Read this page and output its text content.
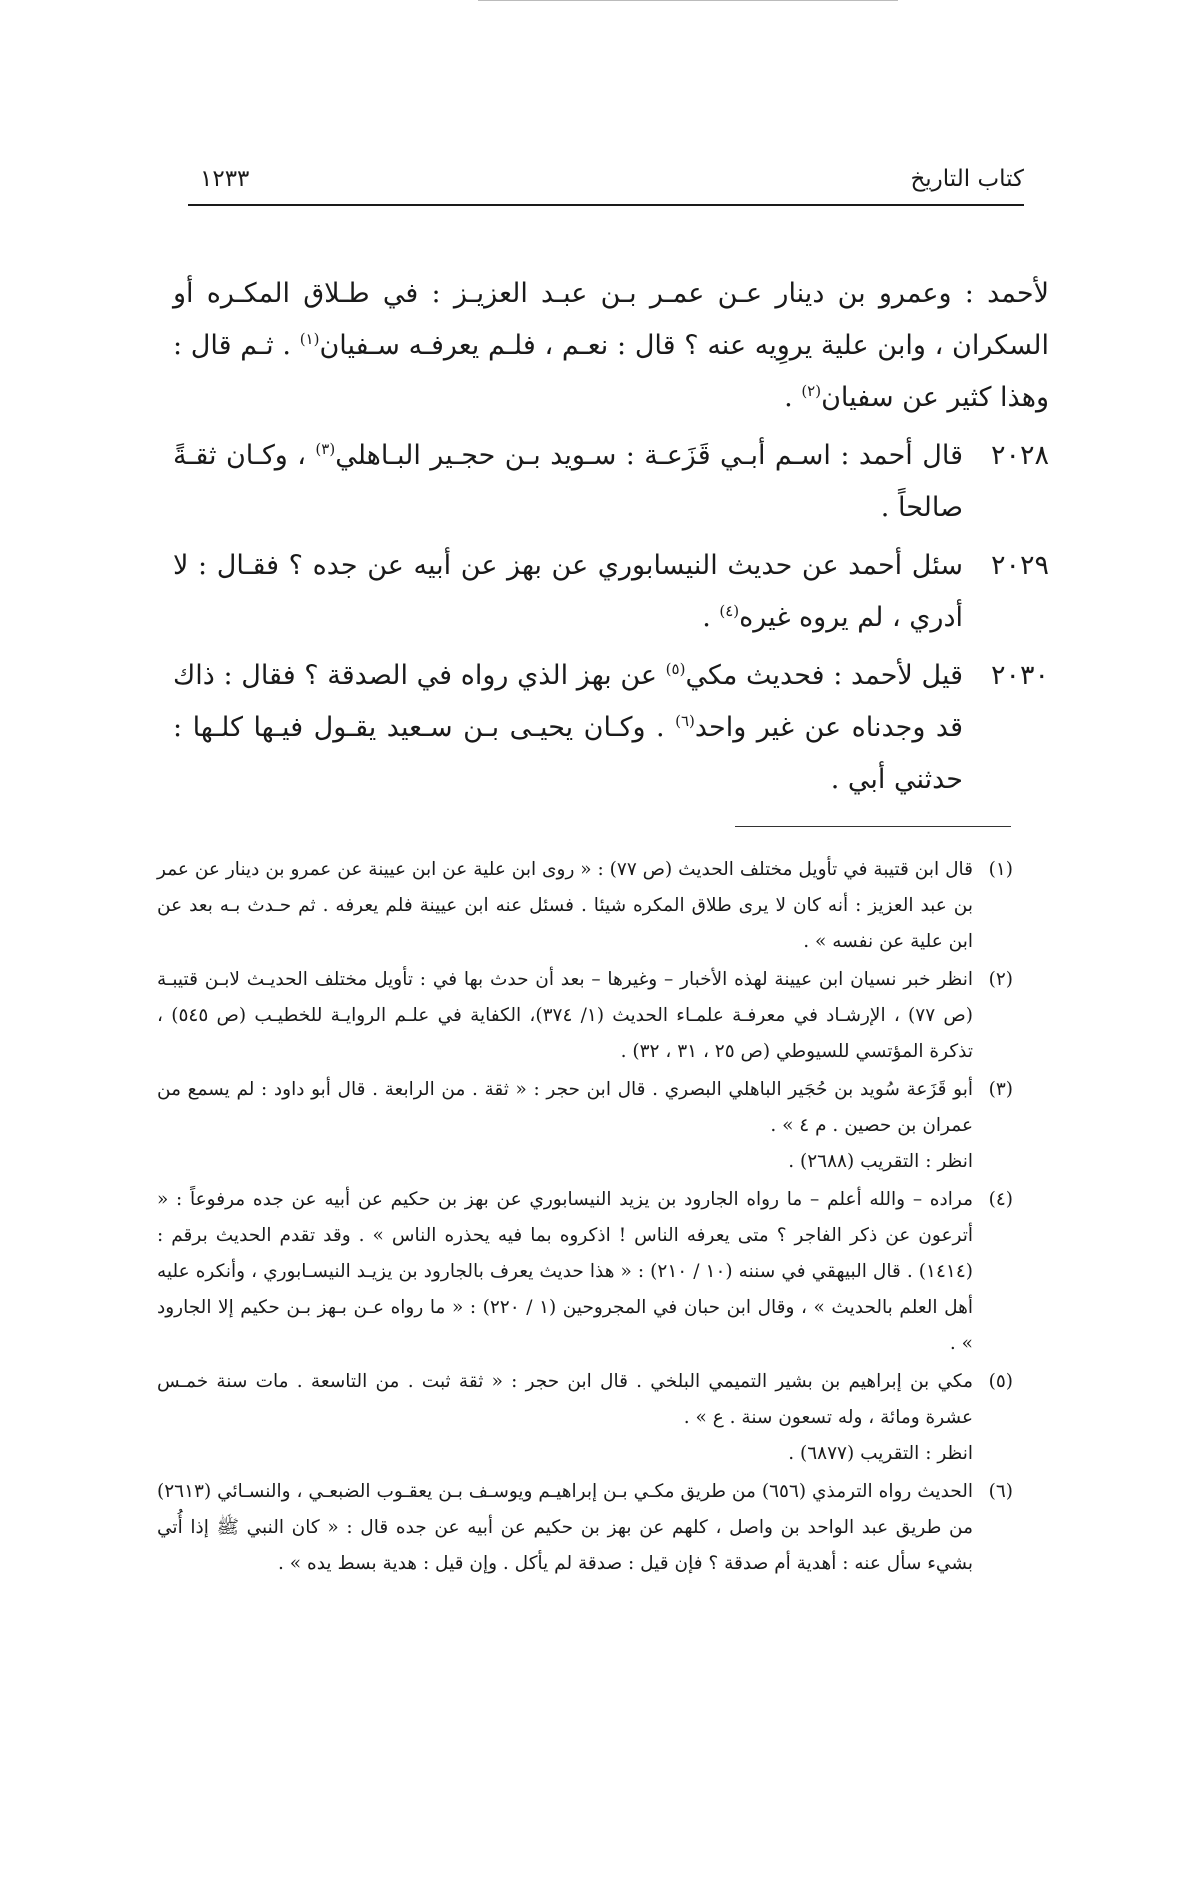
كتاب التاريخ
١٢٣٣
لأحمد : وعمرو بن دينار عـن عمـر بـن عبـد العزيـز : في طـلاق المكـره أو السكران ، وابن علية يروِيه عنه ؟ قال : نعـم ، فلـم يعرفـه سـفيان$^{(١)}$ . ثـم قال : وهذا كثير عن سفيان$^{(٢)}$ .
٢٠٢٨
قال أحمد : اسـم أبـي قَزَعـة : سـويد بـن حجـير البـاهلي$^{(٣)}$ ، وكـان ثقـةً صالحاً .
٢٠٢٩
سئل أحمد عن حديث النيسابوري عن بهز عن أبيه عن جده ؟ فقـال : لا أدري ، لم يروه غيره$^{(٤)}$ .
٢٠٣٠
قيل لأحمد : فحديث مكي$^{(٥)}$ عن بهز الذي رواه في الصدقة ؟ فقال : ذاك قد وجدناه عن غير واحد$^{(٦)}$ . وكـان يحيـى بـن سـعيد يقـول فيـها كلـها : حدثني أبي .
(١)
قال ابن قتيبة في تأويل مختلف الحديث (ص ٧٧) : « روى ابن علية عن ابن عيينة عن عمرو بن دينار عن عمر بن عبد العزيز : أنه كان لا يرى طلاق المكره شيئا . فسئل عنه ابن عيينة فلم يعرفه . ثم حـدث بـه بعد عن ابن علية عن نفسه » .
(٢)
انظر خبر نسيان ابن عيينة لهذه الأخبار – وغيرها – بعد أن حدث بها في : تأويل مختلف الحديـث لابـن قتيبـة (ص ٧٧) ، الإرشـاد في معرفـة علمـاء الحديث (١/ ٣٧٤)، الكفاية في علـم الروايـة للخطيـب (ص ٥٤٥) ، تذكرة المؤتسي للسيوطي (ص ٢٥ ، ٣١ ، ٣٢) .
(٣)
أبو قَزَعة سُويد بن حُجَير الباهلي البصري . قال ابن حجر : « ثقة . من الرابعة . قال أبو داود : لم يسمع من عمران بن حصين . م ٤ » .
انظر : التقريب (٢٦٨٨) .
(٤)
مراده – والله أعلم – ما رواه الجارود بن يزيد النيسابوري عن بهز بن حكيم عن أبيه عن جده مرفوعاً : « أترعون عن ذكر الفاجر ؟ متى يعرفه الناس ! اذكروه بما فيه يحذره الناس » . وقد تقدم الحديث برقم : (١٤١٤) . قال البيهقي في سننه (١٠ / ٢١٠) : « هذا حديث يعرف بالجارود بن يزيـد النيسـابوري ، وأنكره عليه أهل العلم بالحديث » ، وقال ابن حبان في المجروحين (١ / ٢٢٠) : « ما رواه عـن بـهز بـن حكيم إلا الجارود » .
(٥)
مكي بن إبراهيم بن بشير التميمي البلخي . قال ابن حجر : « ثقة ثبت . من التاسعة . مات سنة خمـس عشرة ومائة ، وله تسعون سنة . ع » .
انظر : التقريب (٦٨٧٧) .
(٦)
الحديث رواه الترمذي (٦٥٦) من طريق مكـي بـن إبراهيـم ويوسـف بـن يعقـوب الضبعـي ، والنسـائي (٢٦١٣) من طريق عبد الواحد بن واصل ، كلهم عن بهز بن حكيم عن أبيه عن جده قال : « كان النبي ﷺ إذا أُتي بشيء سأل عنه : أهدية أم صدقة ؟ فإن قيل : صدقة لم يأكل . وإن قيل : هدية بسط يده » .
